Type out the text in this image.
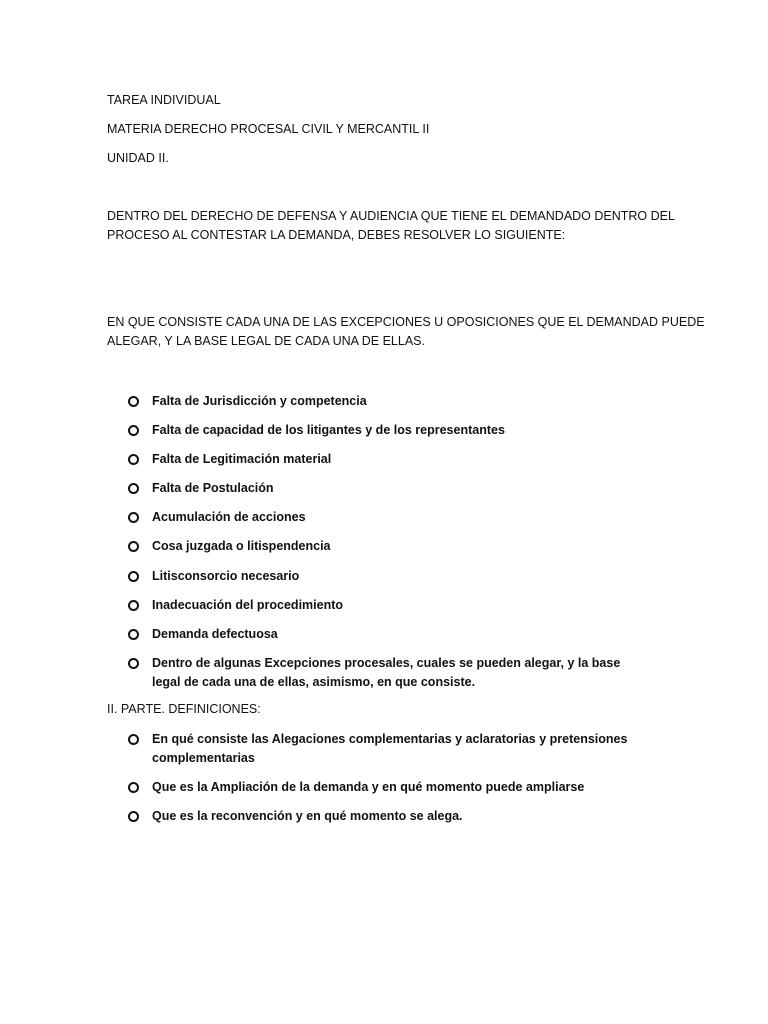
TAREA INDIVIDUAL

MATERIA DERECHO PROCESAL CIVIL Y MERCANTIL II

UNIDAD II.

DENTRO DEL DERECHO DE DEFENSA Y AUDIENCIA QUE TIENE EL DEMANDADO DENTRO DEL

PROCESO AL CONTESTAR LA DEMANDA, DEBES RESOLVER LO SIGUIENTE:

EN QUE CONSISTE CADA UNA DE LAS EXCEPCIONES U OPOSICIONES QUE EL DEMANDAD PUEDE

ALEGAR, Y LA BASE LEGAL DE CADA UNA DE ELLAS.

Falta de Jurisdicción y competencia
Falta de capacidad de los litigantes y de los representantes
Falta de Legitimación material
Falta de Postulación
Acumulación de acciones
Cosa juzgada o litispendencia
Litisconsorcio necesario
Inadecuación del procedimiento
Demanda defectuosa
Dentro de algunas Excepciones procesales, cuales se pueden alegar, y la base legal de cada una de ellas, asimismo, en que consiste.

II. PARTE. DEFINICIONES:

En qué consiste las Alegaciones complementarias y aclaratorias y pretensiones complementarias
Que es la Ampliación de la demanda y en qué momento puede ampliarse
Que es la reconvención y en qué momento se alega.
